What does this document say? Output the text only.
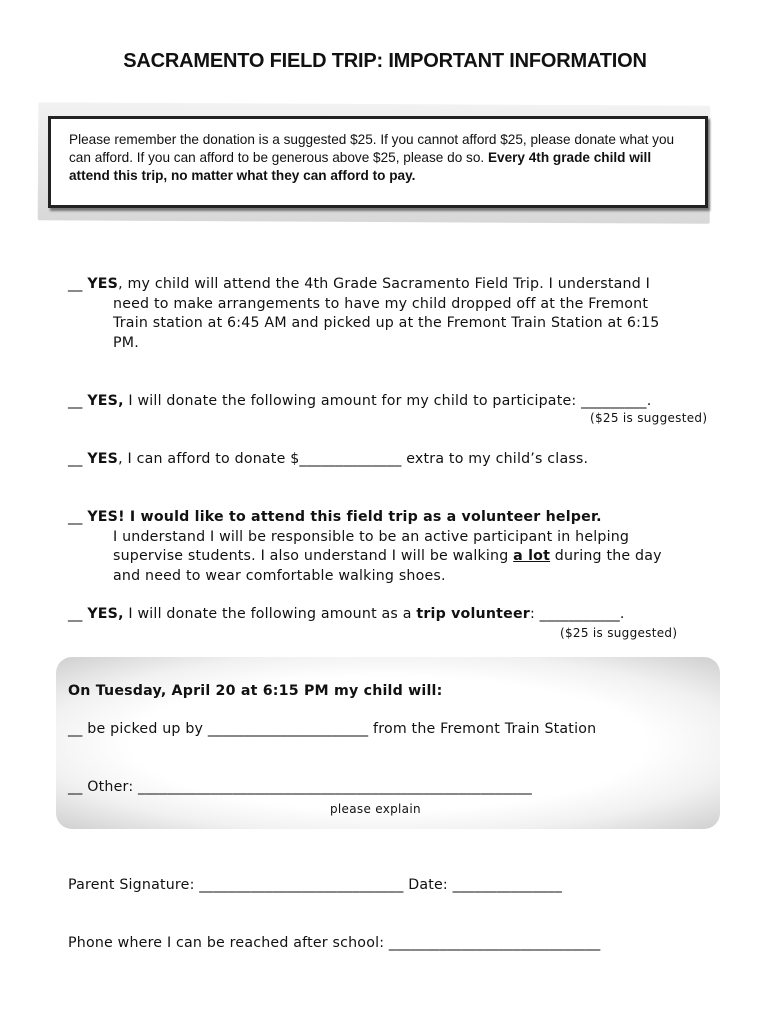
SACRAMENTO FIELD TRIP: IMPORTANT INFORMATION

Please remember the donation is a suggested $25. If you cannot afford $25, please donate what you can afford. If you can afford to be generous above $25, please do so. Every 4th grade child will attend this trip, no matter what they can afford to pay.

__ YES, my child will attend the 4th Grade Sacramento Field Trip. I understand I
need to make arrangements to have my child dropped off at the Fremont
Train station at 6:45 AM and picked up at the Fremont Train Station at 6:15
PM.
__ YES, I will donate the following amount for my child to participate: _________.
($25 is suggested)
__ YES, I can afford to donate $______________ extra to my child’s class.
__ YES! I would like to attend this field trip as a volunteer helper.
I understand I will be responsible to be an active participant in helping
supervise students. I also understand I will be walking a lot during the day
and need to wear comfortable walking shoes.
__ YES, I will donate the following amount as a trip volunteer: ___________.
($25 is suggested)
On Tuesday, April 20 at 6:15 PM my child will:
__ be picked up by ______________________ from the Fremont Train Station
__ Other: ______________________________________________________
please explain
Parent Signature: ____________________________ Date: _______________
Phone where I can be reached after school: _____________________________
